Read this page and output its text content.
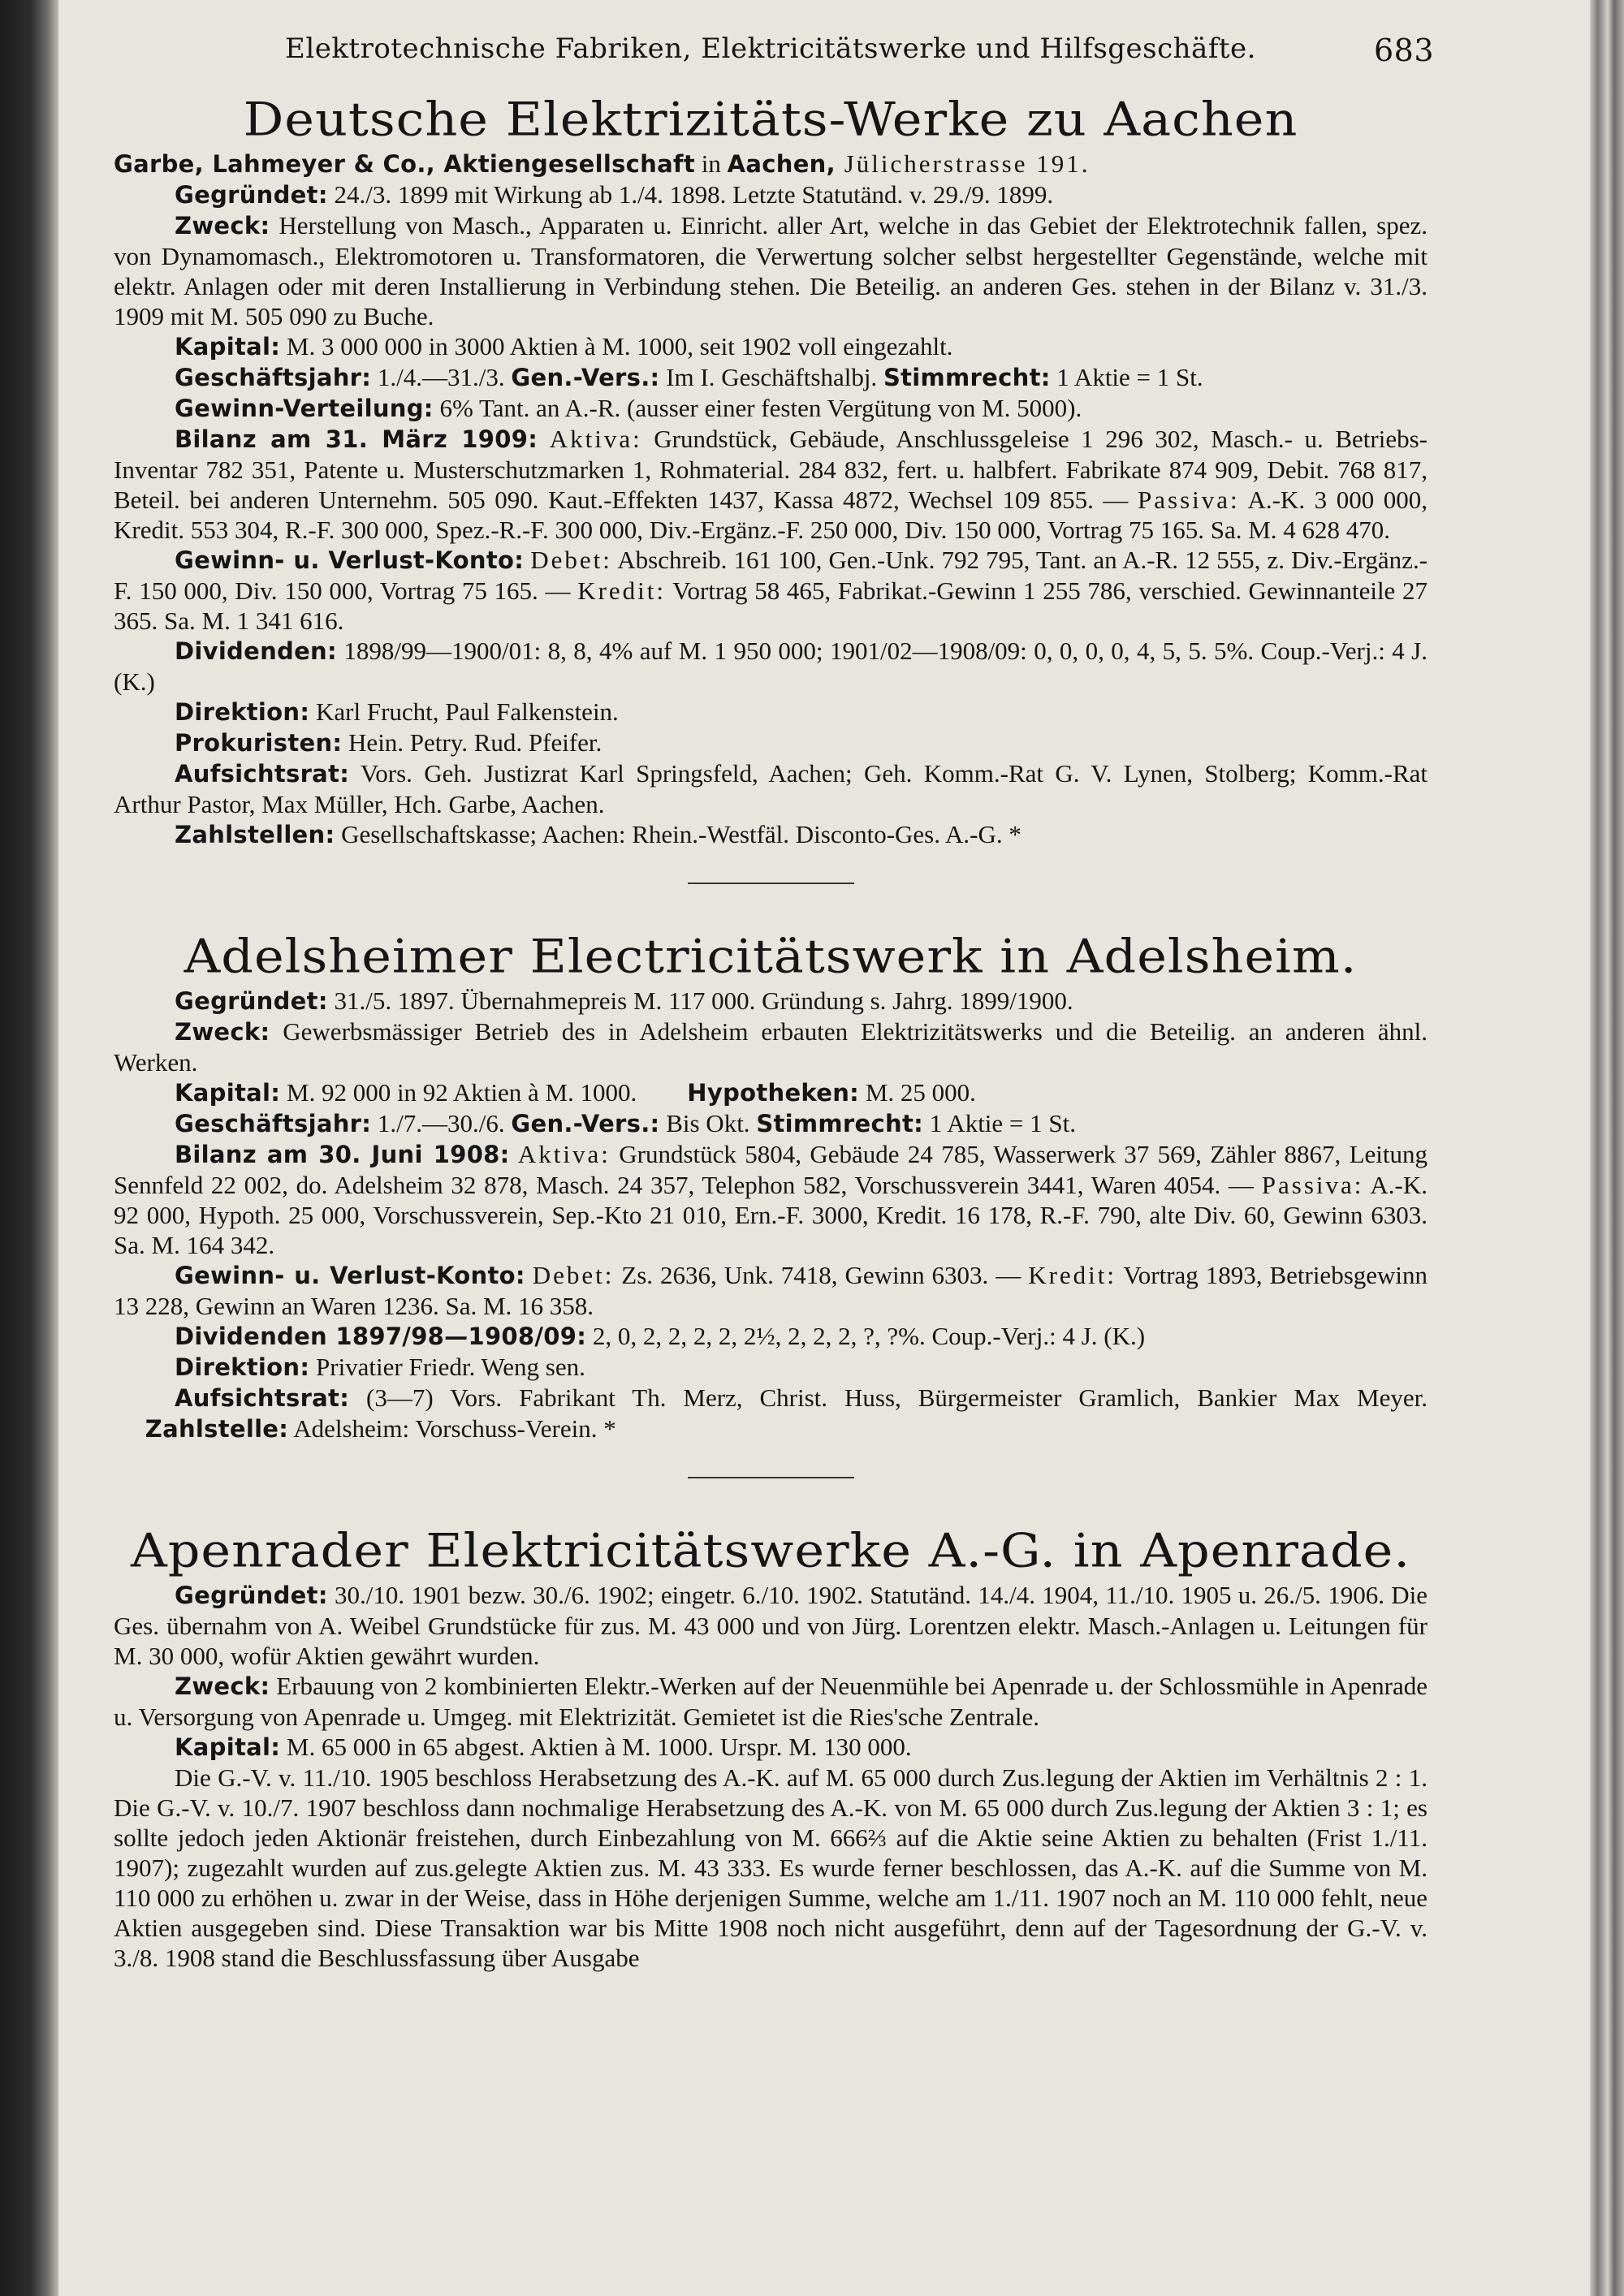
Elektrotechnische Fabriken, Elektricitätswerke und Hilfsgeschäfte.	683
Deutsche Elektrizitäts-Werke zu Aachen

Garbe, Lahmeyer & Co., Aktiengesellschaft in Aachen, Jülicherstrasse 191.

Gegründet: 24./3. 1899 mit Wirkung ab 1./4. 1898. Letzte Statutänd. v. 29./9. 1899.

Zweck: Herstellung von Masch., Apparaten u. Einricht. aller Art, welche in das Gebiet der Elektrotechnik fallen, spez. von Dynamomasch., Elektromotoren u. Transformatoren, die Verwertung solcher selbst hergestellter Gegenstände, welche mit elektr. Anlagen oder mit deren Installierung in Verbindung stehen. Die Beteilig. an anderen Ges. stehen in der Bilanz v. 31./3. 1909 mit M. 505 090 zu Buche.

Kapital: M. 3 000 000 in 3000 Aktien à M. 1000, seit 1902 voll eingezahlt.

Geschäftsjahr: 1./4.—31./3. Gen.-Vers.: Im I. Geschäftshalbj. Stimmrecht: 1 Aktie = 1 St.

Gewinn-Verteilung: 6% Tant. an A.-R. (ausser einer festen Vergütung von M. 5000).

Bilanz am 31. März 1909: Aktiva: Grundstück, Gebäude, Anschlussgeleise 1 296 302, Masch.- u. Betriebs-Inventar 782 351, Patente u. Musterschutzmarken 1, Rohmaterial. 284 832, fert. u. halbfert. Fabrikate 874 909, Debit. 768 817, Beteil. bei anderen Unternehm. 505 090. Kaut.-Effekten 1437, Kassa 4872, Wechsel 109 855. — Passiva: A.-K. 3 000 000, Kredit. 553 304, R.-F. 300 000, Spez.-R.-F. 300 000, Div.-Ergänz.-F. 250 000, Div. 150 000, Vortrag 75 165. Sa. M. 4 628 470.

Gewinn- u. Verlust-Konto: Debet: Abschreib. 161 100, Gen.-Unk. 792 795, Tant. an A.-R. 12 555, z. Div.-Ergänz.-F. 150 000, Div. 150 000, Vortrag 75 165. — Kredit: Vortrag 58 465, Fabrikat.-Gewinn 1 255 786, verschied. Gewinnanteile 27 365. Sa. M. 1 341 616.

Dividenden: 1898/99—1900/01: 8, 8, 4% auf M. 1 950 000; 1901/02—1908/09: 0, 0, 0, 0, 4, 5, 5. 5%. Coup.-Verj.: 4 J. (K.)

Direktion: Karl Frucht, Paul Falkenstein.

Prokuristen: Hein. Petry. Rud. Pfeifer.

Aufsichtsrat: Vors. Geh. Justizrat Karl Springsfeld, Aachen; Geh. Komm.-Rat G. V. Lynen, Stolberg; Komm.-Rat Arthur Pastor, Max Müller, Hch. Garbe, Aachen.

Zahlstellen: Gesellschaftskasse; Aachen: Rhein.-Westfäl. Disconto-Ges. A.-G. *

Adelsheimer Electricitätswerk in Adelsheim.

Gegründet: 31./5. 1897. Übernahmepreis M. 117 000. Gründung s. Jahrg. 1899/1900.

Zweck: Gewerbsmässiger Betrieb des in Adelsheim erbauten Elektrizitätswerks und die Beteilig. an anderen ähnl. Werken.

Kapital: M. 92 000 in 92 Aktien à M. 1000.        Hypotheken: M. 25 000.

Geschäftsjahr: 1./7.—30./6. Gen.-Vers.: Bis Okt. Stimmrecht: 1 Aktie = 1 St.

Bilanz am 30. Juni 1908: Aktiva: Grundstück 5804, Gebäude 24 785, Wasserwerk 37 569, Zähler 8867, Leitung Sennfeld 22 002, do. Adelsheim 32 878, Masch. 24 357, Telephon 582, Vorschussverein 3441, Waren 4054. — Passiva: A.-K. 92 000, Hypoth. 25 000, Vorschussverein, Sep.-Kto 21 010, Ern.-F. 3000, Kredit. 16 178, R.-F. 790, alte Div. 60, Gewinn 6303. Sa. M. 164 342.

Gewinn- u. Verlust-Konto: Debet: Zs. 2636, Unk. 7418, Gewinn 6303. — Kredit: Vortrag 1893, Betriebsgewinn 13 228, Gewinn an Waren 1236. Sa. M. 16 358.

Dividenden 1897/98—1908/09: 2, 0, 2, 2, 2, 2, 2½, 2, 2, 2, ?, ?%. Coup.-Verj.: 4 J. (K.)

Direktion: Privatier Friedr. Weng sen.

Aufsichtsrat: (3—7) Vors. Fabrikant Th. Merz, Christ. Huss, Bürgermeister Gramlich, Bankier Max Meyer.      Zahlstelle: Adelsheim: Vorschuss-Verein. *

Apenrader Elektricitätswerke A.-G. in Apenrade.

Gegründet: 30./10. 1901 bezw. 30./6. 1902; eingetr. 6./10. 1902. Statutänd. 14./4. 1904, 11./10. 1905 u. 26./5. 1906. Die Ges. übernahm von A. Weibel Grundstücke für zus. M. 43 000 und von Jürg. Lorentzen elektr. Masch.-Anlagen u. Leitungen für M. 30 000, wofür Aktien gewährt wurden.

Zweck: Erbauung von 2 kombinierten Elektr.-Werken auf der Neuenmühle bei Apenrade u. der Schlossmühle in Apenrade u. Versorgung von Apenrade u. Umgeg. mit Elektrizität. Gemietet ist die Ries'sche Zentrale.

Kapital: M. 65 000 in 65 abgest. Aktien à M. 1000. Urspr. M. 130 000.

Die G.-V. v. 11./10. 1905 beschloss Herabsetzung des A.-K. auf M. 65 000 durch Zus.legung der Aktien im Verhältnis 2 : 1. Die G.-V. v. 10./7. 1907 beschloss dann nochmalige Herabsetzung des A.-K. von M. 65 000 durch Zus.legung der Aktien 3 : 1; es sollte jedoch jeden Aktionär freistehen, durch Einbezahlung von M. 666⅔ auf die Aktie seine Aktien zu behalten (Frist 1./11. 1907); zugezahlt wurden auf zus.gelegte Aktien zus. M. 43 333. Es wurde ferner beschlossen, das A.-K. auf die Summe von M. 110 000 zu erhöhen u. zwar in der Weise, dass in Höhe derjenigen Summe, welche am 1./11. 1907 noch an M. 110 000 fehlt, neue Aktien ausgegeben sind. Diese Transaktion war bis Mitte 1908 noch nicht ausgeführt, denn auf der Tagesordnung der G.-V. v. 3./8. 1908 stand die Beschlussfassung über Ausgabe
